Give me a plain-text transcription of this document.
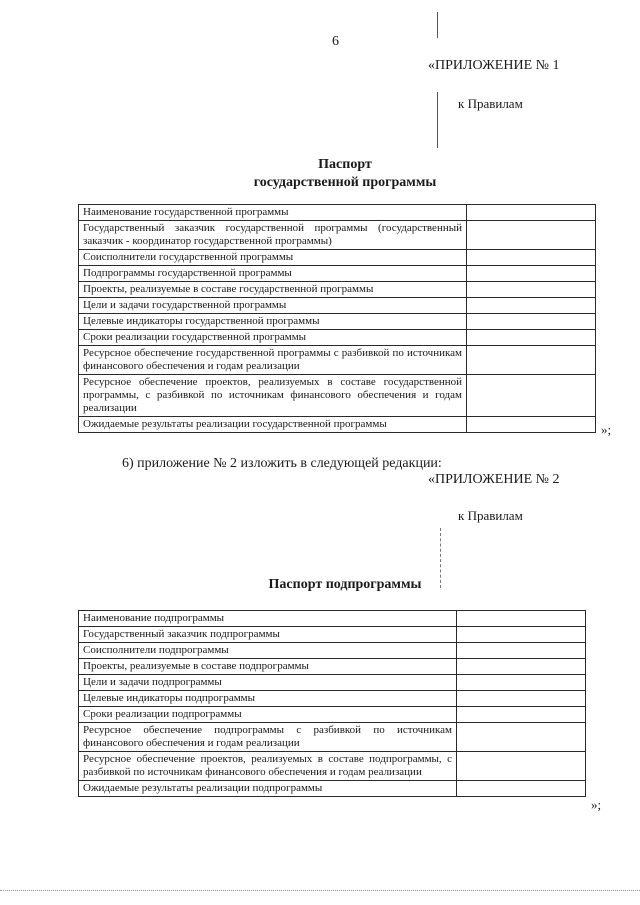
6
«ПРИЛОЖЕНИЕ № 1
к Правилам
Паспорт
государственной программы
Наименование государственной программы	
Государственный заказчик государственной программы (государственный заказчик - координатор государственной программы)	
Соисполнители государственной программы	
Подпрограммы государственной программы	
Проекты, реализуемые в составе государственной программы	
Цели и задачи государственной программы	
Целевые индикаторы государственной программы	
Сроки реализации государственной программы	
Ресурсное обеспечение государственной программы с разбивкой по источникам финансового обеспечения и годам реализации	
Ресурсное обеспечение проектов, реализуемых в составе государственной программы, с разбивкой по источникам финансового обеспечения и годам реализации	
Ожидаемые результаты реализации государственной программы		»;
6) приложение № 2 изложить в следующей редакции:
«ПРИЛОЖЕНИЕ № 2
к Правилам
Паспорт подпрограммы
Наименование подпрограммы	
Государственный заказчик подпрограммы	
Соисполнители подпрограммы	
Проекты, реализуемые в составе подпрограммы	
Цели и задачи подпрограммы	
Целевые индикаторы подпрограммы	
Сроки реализации подпрограммы	
Ресурсное обеспечение подпрограммы с разбивкой по источникам финансового обеспечения и годам реализации	
Ресурсное обеспечение проектов, реализуемых в составе подпрограммы, с разбивкой по источникам финансового обеспечения и годам реализации	
Ожидаемые результаты реализации подпрограммы	
»;
